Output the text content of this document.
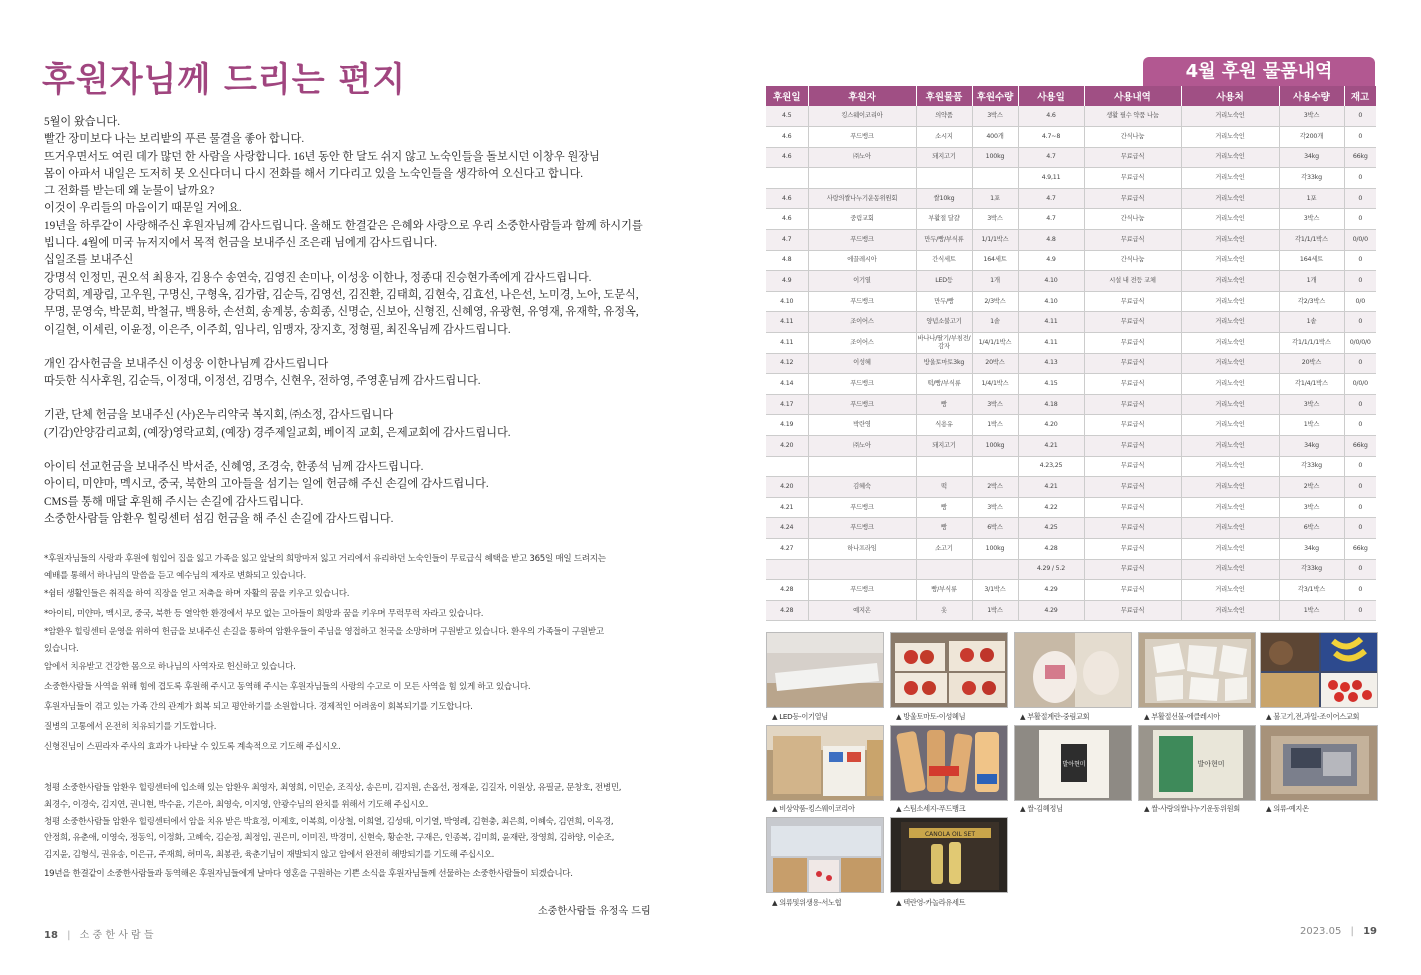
후원자님께 드리는 편지

5월이 왔습니다.

빨간 장미보다 나는 보리밭의 푸른 물결을 좋아 합니다.

뜨거우면서도 여린 데가 많던 한 사람을 사랑합니다. 16년 동안 한 달도 쉬지 않고 노숙인들을 돌보시던 이창우 원장님

몸이 아파서 내일은 도저히 못 오신다더니 다시 전화를 해서 기다리고 있을 노숙인들을 생각하여 오신다고 합니다.

그 전화를 받는데 왜 눈물이 날까요?

이것이 우리들의 마음이기 때문일 거에요.

19년을 하루같이 사랑해주신 후원자님께 감사드립니다. 올해도 한결같은 은혜와 사랑으로 우리 소중한사람들과 함께 하시기를

빕니다. 4월에 미국 뉴저지에서 목적 헌금을 보내주신 조은래 님에게 감사드립니다.

십일조를 보내주신

강명석 인정민, 권오석 최용자, 김용수 송연숙, 김영진 손미나, 이성웅 이한나, 정종대 진승현가족에게 감사드립니다.

강덕희, 계광림, 고우원, 구명신, 구형옥, 김가람, 김순득, 김영선, 김진환, 김태희, 김현숙, 김효선, 나은선, 노미경, 노아, 도문식,

무명, 문영숙, 박문희, 박철규, 백용하, 손선희, 송계붕, 송희종, 신명순, 신보아, 신형진, 신혜영, 유광현, 유영재, 유재학, 유정옥,

이길현, 이세린, 이윤정, 이은주, 이주희, 임나리, 임맹자, 장지호, 정형필, 최진옥님께 감사드립니다.

개인 감사헌금을 보내주신 이성웅 이한나님께 감사드립니다

따듯한 식사후원, 김순득, 이정대, 이정선, 김명수, 신현우, 전하영, 주영훈님께 감사드립니다.

기관, 단체 헌금을 보내주신 (사)온누리약국 복지회, ㈜소정, 감사드립니다

(기감)안양감리교회, (예장)영락교회, (예장) 경주제일교회, 베이직 교회, 은제교회에 감사드립니다.

아이티 선교헌금을 보내주신 박서준, 신혜영, 조경숙, 한종석 님께 감사드립니다.

아이티, 미얀마, 멕시코, 중국, 북한의 고아들을 섬기는 일에 헌금해 주신 손길에 감사드립니다.

CMS를 통해 매달 후원해 주시는 손길에 감사드립니다.

소중한사람들 암환우 힐링센터 섬김 헌금을 해 주신 손길에 감사드립니다.

*후원자님들의 사랑과 후원에 힘입어 집을 잃고 가족을 잃고 앞날의 희망마저 잃고 거리에서 유리하던 노숙인들이 무료급식 혜택을 받고 365일 매일 드려지는

예배를 통해서 하나님의 말씀을 듣고 예수님의 제자로 변화되고 있습니다.

*쉼터 생활인들은 취직을 하여 직장을 얻고 저축을 하며 자활의 꿈을 키우고 있습니다.

*아이티, 미얀마, 멕시코, 중국, 북한 등 열악한 환경에서 부모 없는 고아들이 희망과 꿈을 키우며 무럭무럭 자라고 있습니다.

*암환우 힐링센터 운영을 위하여 헌금을 보내주신 손길을 통하여 암환우들이 주님을 영접하고 천국을 소망하며 구원받고 있습니다. 환우의 가족들이 구원받고

있습니다.

암에서 치유받고 건강한 몸으로 하나님의 사역자로 헌신하고 있습니다.

소중한사람들 사역을 위해 힘에 겹도록 후원해 주시고 동역해 주시는 후원자님들의 사랑의 수고로 이 모든 사역을 힘 있게 하고 있습니다.

후원자님들이 겪고 있는 가족 간의 관계가 회복 되고 평안하기를 소원합니다. 경제적인 어려움이 회복되기를 기도합니다.

질병의 고통에서 온전히 치유되기를 기도합니다.

신형진님이 스핀라자 주사의 효과가 나타날 수 있도록 계속적으로 기도해 주십시오.

청평 소중한사람들 암환우 힐링센터에 입소해 있는 암환우 최영자, 최영희, 이민순, 조직상, 송은미, 김지원, 손옵선, 정재윤, 김길자, 이원상, 유필균, 문창호, 전병민,

최경수, 이경숙, 김지연, 권니현, 박수윤, 기은아, 최영숙, 이지영, 안광수님의 완치를 위해서 기도해 주십시오.

청평 소중한사람들 암환우 힐링센터에서 암을 치유 받은 박효정, 이제호, 이복희, 이상철, 이희열, 김성태, 이기열, 박영례, 김현충, 최은희, 이혜숙, 김연희, 이옥경,

안정희, 유춘애, 이영숙, 정동익, 이정화, 고혜숙, 김순정, 최정임, 권은미, 이미진, 박경미, 신현숙, 황순찬, 구재은, 인종복, 김미희, 윤재란, 장영희, 김하양, 이순조,

김지윤, 김형식, 권유송, 이은규, 주재희, 허미옥, 최봉관, 육춘기님이 재발되지 않고 암에서 완전히 해방되기를 기도해 주십시오.

19년을 한결같이 소중한사람들과 동역해온 후원자님들에게 날마다 영혼을 구원하는 기쁜 소식을 후원자님들께 선물하는 소중한사람들이 되겠습니다.

소중한사람들 유정옥 드림
18 | 소 중 한 사 람 들
4월 후원 물품내역
후원일	후원자	후원물품	후원수량	사용일	사용내역	사용처	사용수량	재고
4.5	킹스웨이코리아	의약품	3박스	4.6	생활 필수 약품 나눔	거리노숙인	3박스	0
4.6	푸드뱅크	소시지	400개	4.7~8	간식나눔	거리노숙인	각200개	0
4.6	㈜노아	돼지고기	100kg	4.7	무료급식	거리노숙인	34kg	66kg
				4.9,11	무료급식	거리노숙인	각33kg	0
4.6	사랑의쌀나누기운동위원회	쌀10kg	1포	4.7	무료급식	거리노숙인	1포	0
4.6	중림교회	부활절 달걀	3박스	4.7	간식나눔	거리노숙인	3박스	0
4.7	푸드뱅크	만두/빵/부식류	1/1/1박스	4.8	무료급식	거리노숙인	각1/1/1박스	0/0/0
4.8	에끌레시아	간식세트	164세트	4.9	간식나눔	거리노숙인	164세트	0
4.9	이기열	LED등	1개	4.10	시설 내 전등 교체	거리노숙인	1개	0
4.10	푸드뱅크	만두/빵	2/3박스	4.10	무료급식	거리노숙인	각2/3박스	0/0
4.11	조이어스	양념소불고기	1솥	4.11	무료급식	거리노숙인	1솥	0
4.11	조이어스	바나나/딸기/부침전/감자	1/4/1/1박스	4.11	무료급식	거리노숙인	각1/1/1/1박스	0/0/0/0
4.12	이성혜	방울토마토3kg	20박스	4.13	무료급식	거리노숙인	20박스	0
4.14	푸드뱅크	떡/빵/부식류	1/4/1박스	4.15	무료급식	거리노숙인	각1/4/1박스	0/0/0
4.17	푸드뱅크	빵	3박스	4.18	무료급식	거리노숙인	3박스	0
4.19	박란영	식용유	1박스	4.20	무료급식	거리노숙인	1박스	0
4.20	㈜노아	돼지고기	100kg	4.21	무료급식	거리노숙인	34kg	66kg
				4.23,25	무료급식	거리노숙인	각33kg	0
4.20	김혜숙	떡	2박스	4.21	무료급식	거리노숙인	2박스	0
4.21	푸드뱅크	빵	3박스	4.22	무료급식	거리노숙인	3박스	0
4.24	푸드뱅크	빵	6박스	4.25	무료급식	거리노숙인	6박스	0
4.27	하나프라임	소고기	100kg	4.28	무료급식	거리노숙인	34kg	66kg
				4.29 / 5.2	무료급식	거리노숙인	각33kg	0
4.28	푸드뱅크	빵/부식류	3/1박스	4.29	무료급식	거리노숙인	각3/1박스	0
4.28	예지온	옷	1박스	4.29	무료급식	거리노숙인	1박스	0
▲ LED등-이기열님	▲ 방울토마토-이성혜님	▲ 부활절계란-중림교회	▲ 부활절선물-에클레시아	▲ 불고기,전,과일-조이어스교회
▲ 비상약품-킹스웨이코리아	▲ 스팀소세지-푸드뱅크
발아현미
▲ 쌀-김혜정님
발아현미
▲ 쌀-사랑의쌀나누기운동위원회	▲ 의류-예지온
▲ 의류및위생용-서노협
CANOLA OIL SET
▲ 텍란영-카놀라유세트
2023.05 | 19
